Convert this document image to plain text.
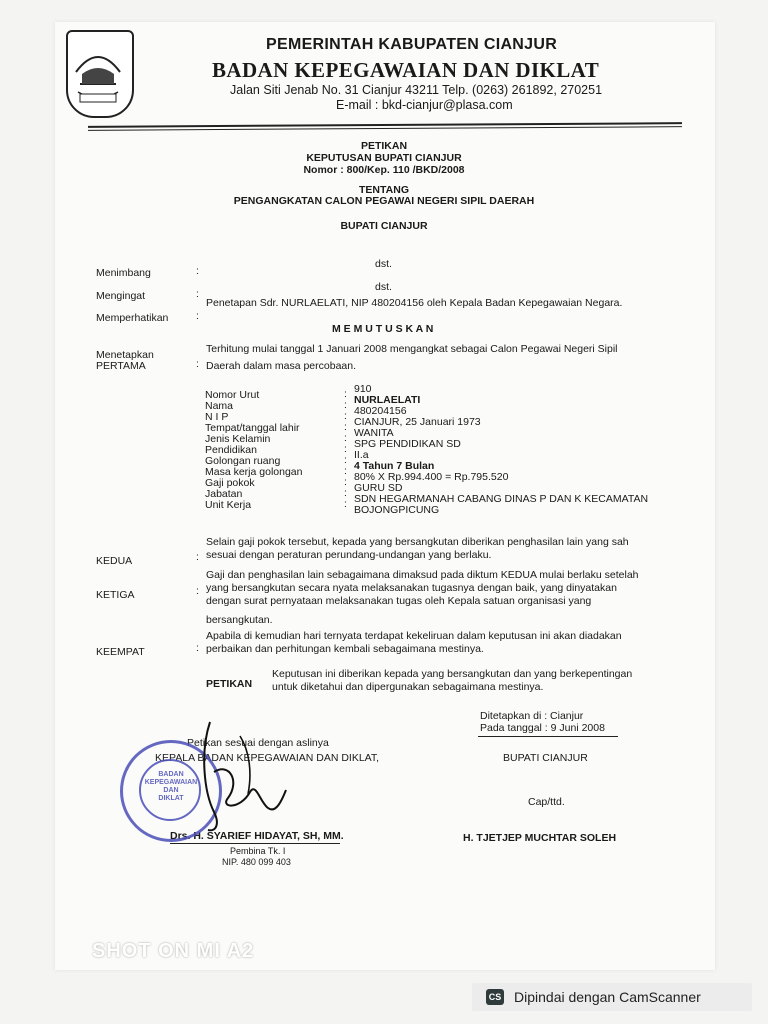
PEMERINTAH KABUPATEN CIANJUR
BADAN KEPEGAWAIAN DAN DIKLAT
Jalan Siti Jenab No. 31 Cianjur 43211 Telp. (0263) 261892, 270251
E-mail : bkd-cianjur@plasa.com
PETIKAN
KEPUTUSAN BUPATI CIANJUR
Nomor : 800/Kep. 110 /BKD/2008
TENTANG
PENGANGKATAN CALON PEGAWAI NEGERI SIPIL DAERAH
BUPATI CIANJUR
Menimbang	:
dst.
Mengingat	:
dst.
Memperhatikan	:
Penetapan Sdr. NURLAELATI, NIP 480204156 oleh Kepala Badan Kepegawaian Negara.
M E M U T U S K A N
Menetapkan
PERTAMA	:
Terhitung mulai tanggal 1 Januari 2008 mengangkat sebagai Calon Pegawai Negeri Sipil
Daerah dalam masa percobaan.
Nomor Urut	: 910
Nama	: NURLAELATI
N I P	: 480204156
Tempat/tanggal lahir	: CIANJUR, 25 Januari 1973
Jenis Kelamin	: WANITA
Pendidikan	: SPG PENDIDIKAN SD
Golongan ruang	: II.a
Masa kerja golongan	: 4 Tahun 7 Bulan
Gaji pokok	: 80% X Rp.994.400 = Rp.795.520
Jabatan	: GURU SD
Unit Kerja	: SDN HEGARMANAH CABANG DINAS P DAN K KECAMATAN
BOJONGPICUNG
KEDUA	:
Selain gaji pokok tersebut, kepada yang bersangkutan diberikan penghasilan lain yang sah
sesuai dengan peraturan perundang-undangan yang berlaku.
KETIGA	:
Gaji dan penghasilan lain sebagaimana dimaksud pada diktum KEDUA mulai berlaku setelah
yang bersangkutan secara nyata melaksanakan tugasnya dengan baik, yang dinyatakan
dengan surat pernyataan melaksanakan tugas oleh Kepala satuan organisasi yang
bersangkutan.
KEEMPAT	:
Apabila di kemudian hari ternyata terdapat kekeliruan dalam keputusan ini akan diadakan
perbaikan dan perhitungan kembali sebagaimana mestinya.
PETIKAN
Keputusan ini diberikan kepada yang bersangkutan dan yang berkepentingan
untuk diketahui dan dipergunakan sebagaimana mestinya.
Ditetapkan di : Cianjur
Pada tanggal : 9 Juni 2008
BUPATI CIANJUR
Cap/ttd.
H. TJETJEP MUCHTAR SOLEH
Petikan sesuai dengan aslinya
KEPALA BADAN KEPEGAWAIAN DAN DIKLAT,
Drs. H. SYARIEF HIDAYAT, SH, MM.
Pembina Tk. I
NIP. 480 099 403
BADAN
KEPEGAWAIAN
DAN
DIKLAT
SHOT ON MI A2
CS Dipindai dengan CamScanner
